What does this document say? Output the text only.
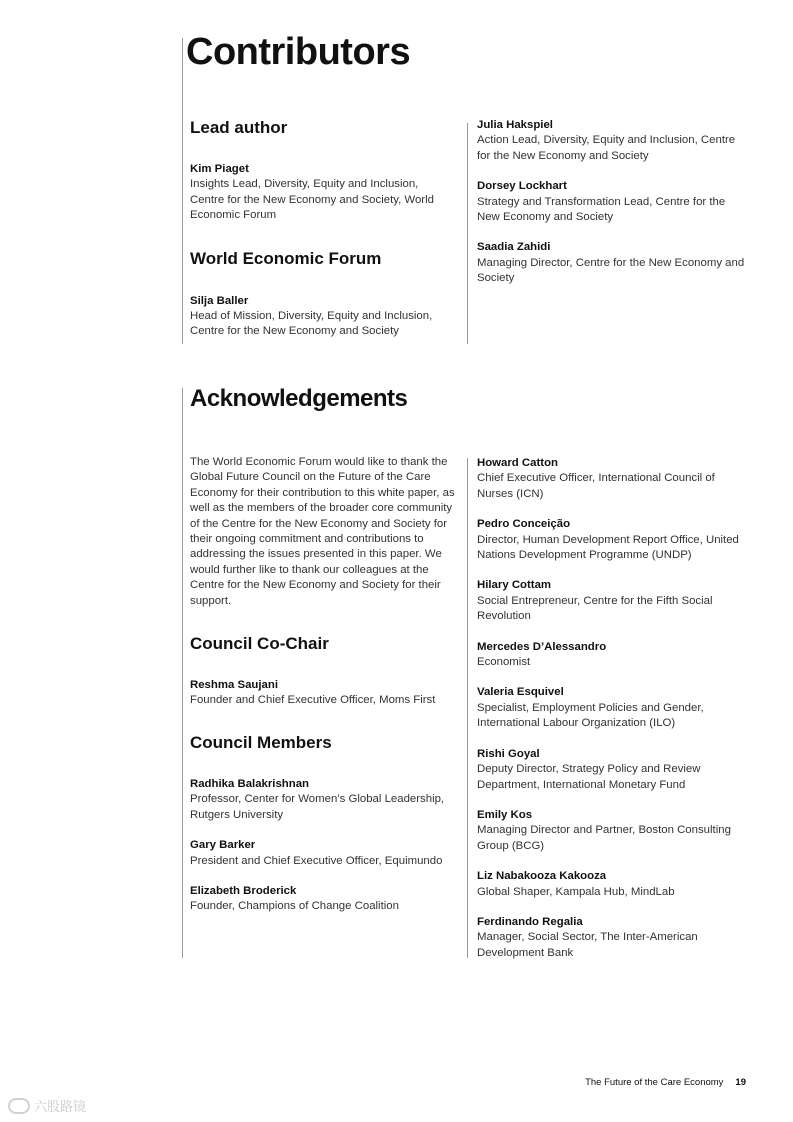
Contributors
Lead author
Kim Piaget
Insights Lead, Diversity, Equity and Inclusion, Centre for the New Economy and Society, World Economic Forum
World Economic Forum
Silja Baller
Head of Mission, Diversity, Equity and Inclusion, Centre for the New Economy and Society
Julia Hakspiel
Action Lead, Diversity, Equity and Inclusion, Centre for the New Economy and Society
Dorsey Lockhart
Strategy and Transformation Lead, Centre for the New Economy and Society
Saadia Zahidi
Managing Director, Centre for the New Economy and Society
Acknowledgements

The World Economic Forum would like to thank the Global Future Council on the Future of the Care Economy for their contribution to this white paper, as well as the members of the broader core community of the Centre for the New Economy and Society for their ongoing commitment and contributions to addressing the issues presented in this paper. We would further like to thank our colleagues at the Centre for the New Economy and Society for their support.

Council Co-Chair
Reshma Saujani
Founder and Chief Executive Officer, Moms First
Council Members
Radhika Balakrishnan
Professor, Center for Women’s Global Leadership, Rutgers University
Gary Barker
President and Chief Executive Officer, Equimundo
Elizabeth Broderick
Founder, Champions of Change Coalition
Howard Catton
Chief Executive Officer, International Council of Nurses (ICN)
Pedro Conceição
Director, Human Development Report Office, United Nations Development Programme (UNDP)
Hilary Cottam
Social Entrepreneur, Centre for the Fifth Social Revolution
Mercedes D’Alessandro
Economist
Valeria Esquivel
Specialist, Employment Policies and Gender, International Labour Organization (ILO)
Rishi Goyal
Deputy Director, Strategy Policy and Review Department, International Monetary Fund
Emily Kos
Managing Director and Partner, Boston Consulting Group (BCG)
Liz Nabakooza Kakooza
Global Shaper, Kampala Hub, MindLab
Ferdinando Regalia
Manager, Social Sector, The Inter-American Development Bank
The Future of the Care Economy 19
六股路镜
